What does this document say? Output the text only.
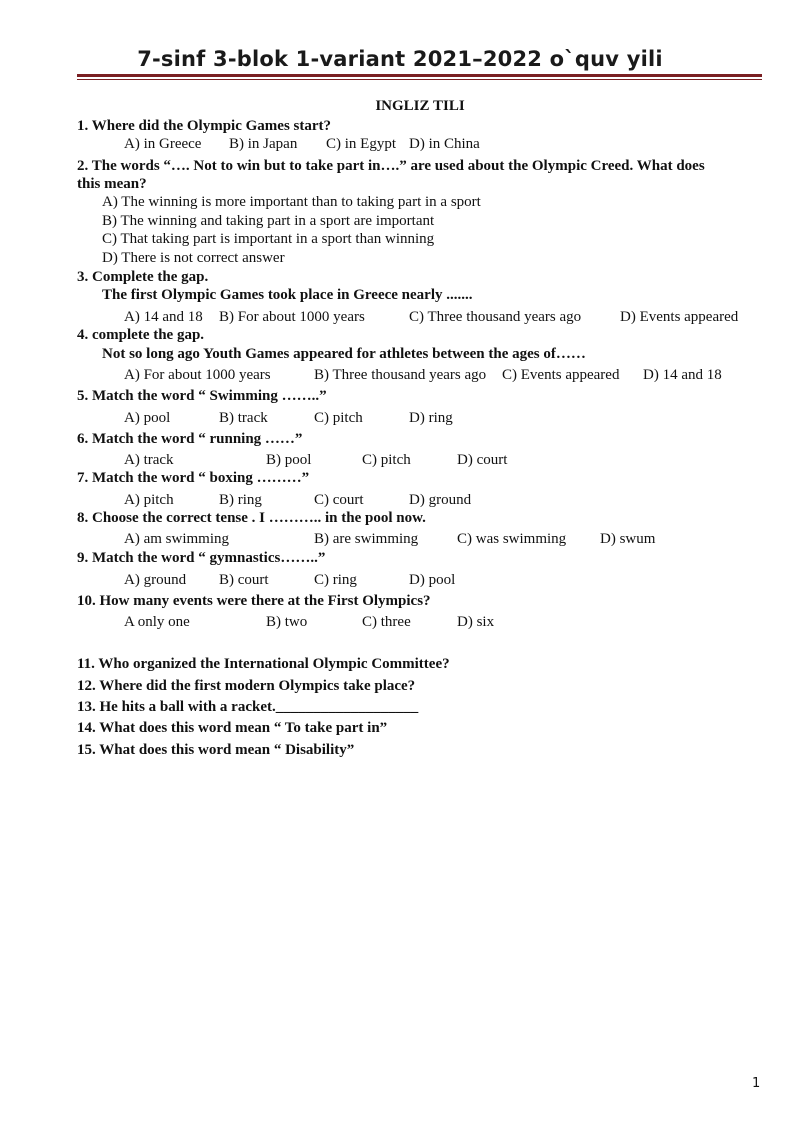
7-sinf 3-blok 1-variant 2021–2022 o`quv yili
INGLIZ TILI
1. Where did the Olympic Games start?
A) in Greece B) in Japan C) in Egypt D) in China
2. The words “…. Not to win but to take part in….” are used about the Olympic Creed. What does
this mean?
A) The winning is more important than to taking part in a sport
B) The winning and taking part in a sport are important
C) That taking part is important in a sport than winning
D) There is not correct answer
3. Complete the gap.
The first Olympic Games took place in Greece nearly .......
A) 14 and 18 B) For about 1000 years	C) Three thousand years ago	D) Events appeared
4. complete the gap.
Not so long ago Youth Games appeared for athletes between the ages of……
A) For about 1000 years	B) Three thousand years ago C) Events appeared D) 14 and 18
5. Match the word “ Swimming ……..”
A) pool	B) track	C) pitch	D) ring
6. Match the word “ running ……”
A) track	B) pool	C) pitch	D) court
7. Match the word “ boxing ………”
A) pitch	B) ring	C) court	D) ground
8. Choose the correct tense . I ……….. in the pool now.
A) am swimming	B) are swimming	C) was swimming D) swum
9. Match the word “ gymnastics……..”
A) ground B) court	C) ring	D) pool
10. How many events were there at the First Olympics?
A only one	B) two	C) three	D) six
11. Who organized the International Olympic Committee?
12. Where did the first modern Olympics take place?
13. He hits a ball with a racket.___________________
14. What does this word mean “ To take part in”
15. What does this word mean “ Disability”
1
